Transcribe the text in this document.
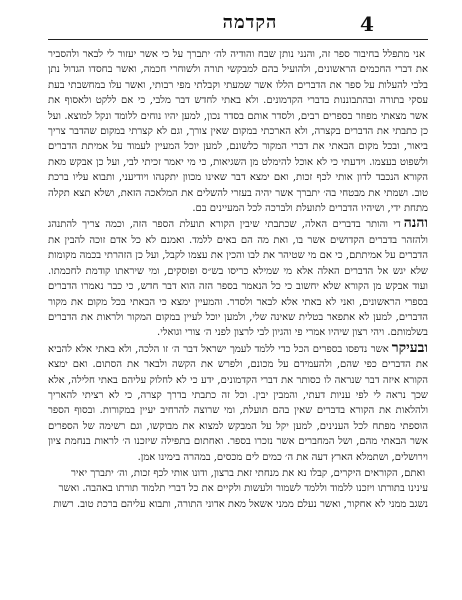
4
הקדמה

אני מתפלל בחיבור ספר זה, והנני נותן שבח והודיה לה׳ יתברך על כי אשר יעזור לי לבאר ולהסביר את דברי החכמים הראשונים, ולהועיל בהם למבקשי תורה ולשוחרי חכמה, ואשר בחסדו הגדול נתן בלבי להעלות על ספר את הדברים הללו אשר שמעתי וקבלתי מפי רבותי, ואשר עלו במחשבתי בעת עסקי בתורה ובהתבוננות בדברי הקדמונים. ולא באתי לחדש דבר מלבי, כי אם ללקט ולאסוף את אשר מצאתי מפוזר בספרים רבים, ולסדר אותם בסדר נכון, למען יהיו נוחים ללומד ונקל למוצא. ועל כן כתבתי את הדברים בקצרה, ולא הארכתי במקום שאין צורך, וגם לא קצרתי במקום שהדבר צריך ביאור, ובכל מקום הבאתי את דברי המקור כלשונם, למען יוכל המעיין לעמוד על אמיתת הדברים ולשפוט בעצמו. וידעתי כי לא אוכל להימלט מן השגיאות, כי מי יאמר זכיתי לבי, ועל כן אבקש מאת הקורא הנכבד לדון אותי לכף זכות, ואם ימצא דבר שאינו מכוון יתקנהו ויודיעני, ותבוא עליו ברכת טוב. ושמתי את מבטחי בה׳ יתברך אשר יהיה בעזרי להשלים את המלאכה הזאת, ושלא תצא תקלה מתחת ידי, ושיהיו הדברים לתועלת ולברכה לכל המעיינים בם.

והנהדי והותר בדברים האלה, שכתבתי שיבין הקורא תועלת הספר הזה, וכמה צריך להתנהג ולהזהר בדברים הקדושים אשר בו, ואת מה הם באים ללמד. ואמנם לא כל אדם זוכה להבין את הדברים על אמיתתם, כי אם מי שטיהר את לבו והכין את עצמו לקבל, ועל כן הזהרתי בכמה מקומות שלא יגש אל הדברים האלה אלא מי שמילא כריסו בש״ס ופוסקים, ומי שיראתו קודמת לחכמתו. ועוד אבקש מן הקורא שלא יחשוב כי כל הנאמר בספר הזה הוא דבר חדש, כי כבר נאמרו הדברים בספרי הראשונים, ואני לא באתי אלא לבאר ולסדר. והמעיין ימצא כי הבאתי בכל מקום את מקור הדברים, למען לא אתפאר בטלית שאינה שלי, ולמען יוכל לעיין במקום המקור ולראות את הדברים בשלמותם. ויהי רצון שיהיו אמרי פי והגיון לבי לרצון לפני ה׳ צורי וגואלי.

ובעיקראשר נדפסו בספרים הכל כדי ללמד לעמך ישראל דבר ה׳ זו הלכה, ולא באתי אלא להביא את הדברים כפי שהם, ולהעמידם על מכונם, ולפרש את הקשה ולבאר את הסתום. ואם ימצא הקורא איזה דבר שנראה לו כסותר את דברי הקדמונים, ידע כי לא לחלוק עליהם באתי חלילה, אלא שכך נראה לי לפי עניות דעתי, והמבין יבין. וכל זה כתבתי בדרך קצרה, כי לא רציתי להאריך ולהלאות את הקורא בדברים שאין בהם תועלת, ומי שרוצה להרחיב יעיין במקורות. ובסוף הספר הוספתי מפתח לכל הענינים, למען יקל על המבקש למצוא את מבוקשו, וגם רשימה של הספרים אשר הבאתי מהם, ושל המחברים אשר נזכרו בספר. ואחתום בתפילה שיזכנו ה׳ לראות בנחמת ציון וירושלים, ושתמלא הארץ דעה את ה׳ כמים לים מכסים, במהרה בימינו אמן.

ואתם, הקוראים היקרים, קבלו נא את מנחתי זאת ברצון, ודונו אותי לכף זכות, וה׳ יתברך יאיר עינינו בתורתו ויזכנו ללמוד וללמד לשמור ולעשות ולקיים את כל דברי תלמוד תורתו באהבה. ואשר נשגב ממני לא אחקור, ואשר נעלם ממני אשאל מאת אדוני התורה, ותבוא עליהם ברכת טוב. רשות
